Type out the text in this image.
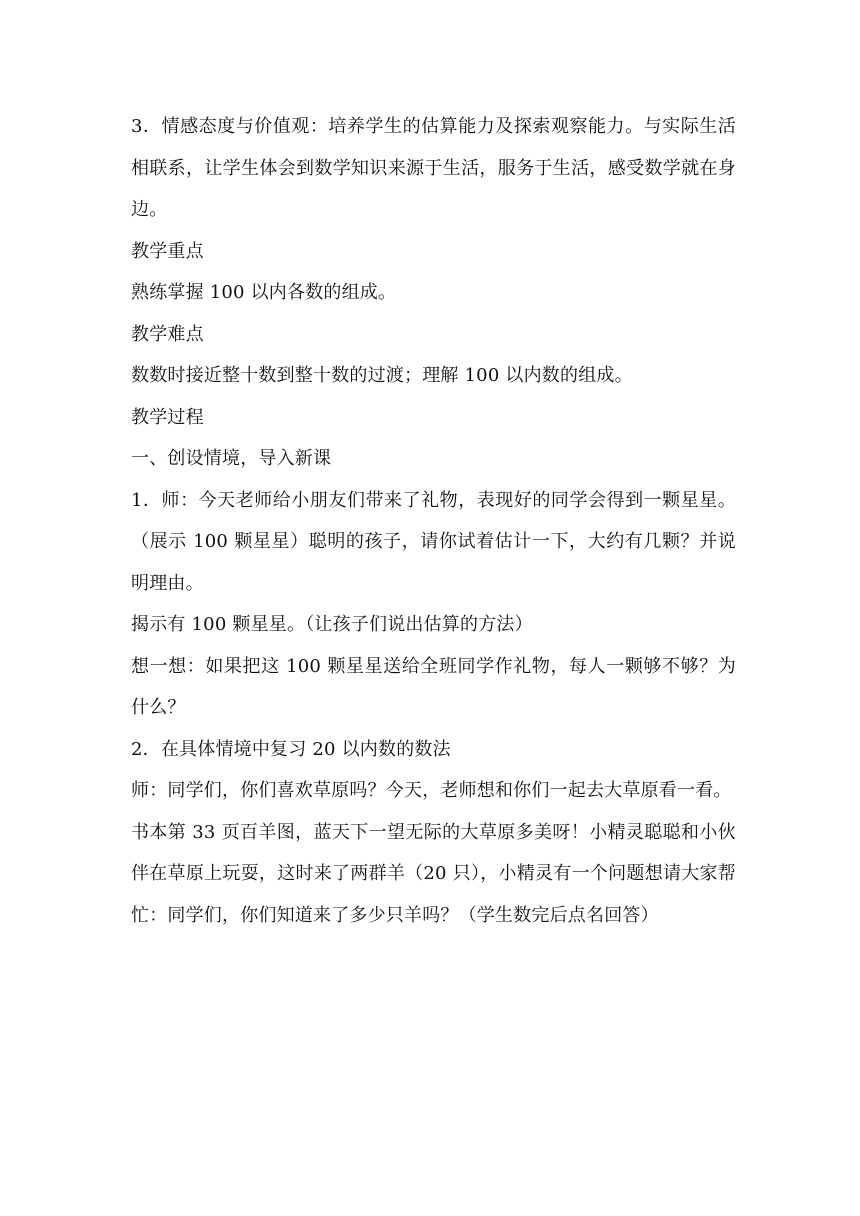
3．情感态度与价值观：培养学生的估算能力及探索观察能力。与实际生活相联系，让学生体会到数学知识来源于生活，服务于生活，感受数学就在身边。

教学重点

熟练掌握 100 以内各数的组成。

教学难点

数数时接近整十数到整十数的过渡；理解 100 以内数的组成。

教学过程

一、创设情境，导入新课

1．师：今天老师给小朋友们带来了礼物，表现好的同学会得到一颗星星。（展示 100 颗星星）聪明的孩子，请你试着估计一下，大约有几颗？并说明理由。

揭示有 100 颗星星。（让孩子们说出估算的方法）

想一想：如果把这 100 颗星星送给全班同学作礼物，每人一颗够不够？为什么？

2．在具体情境中复习 20 以内数的数法

师：同学们，你们喜欢草原吗？今天，老师想和你们一起去大草原看一看。

书本第 33 页百羊图，蓝天下一望无际的大草原多美呀！小精灵聪聪和小伙伴在草原上玩耍，这时来了两群羊（20 只），小精灵有一个问题想请大家帮忙：同学们，你们知道来了多少只羊吗？（学生数完后点名回答）
